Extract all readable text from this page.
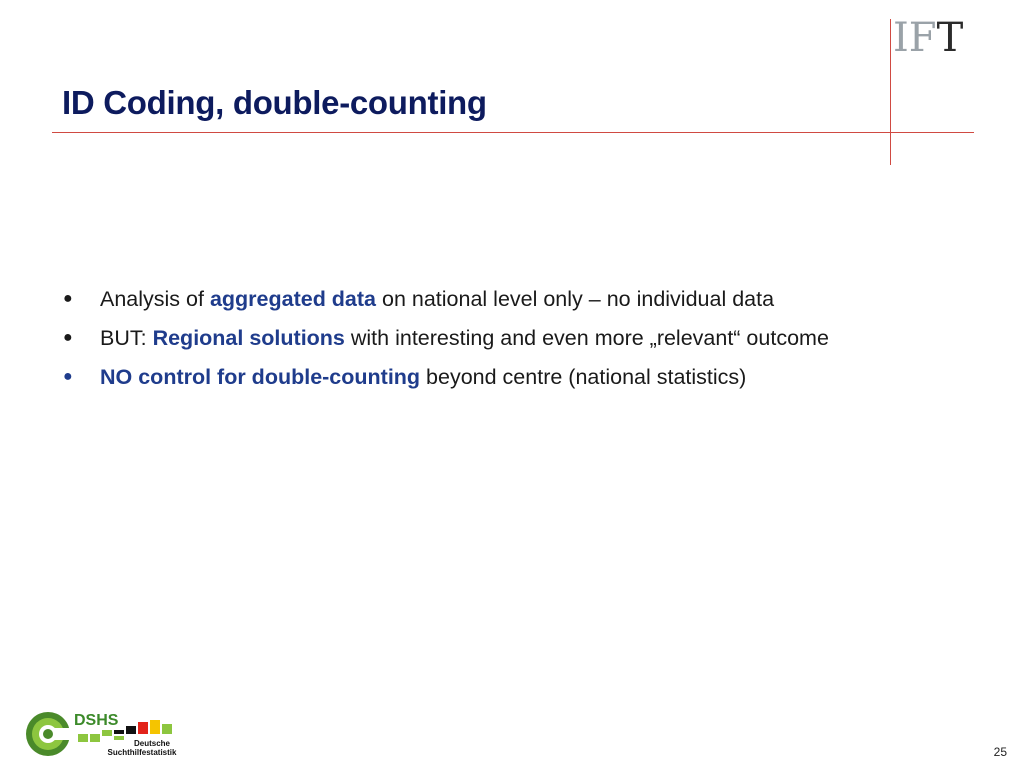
IFT
ID Coding, double-counting
● Analysis of aggregated data on national level only – no individual data
● BUT: Regional solutions with interesting and even more „relevant“ outcome
● NO control for double-counting beyond centre (national statistics)
DSHS
Deutsche
Suchthilfestatistik	25
